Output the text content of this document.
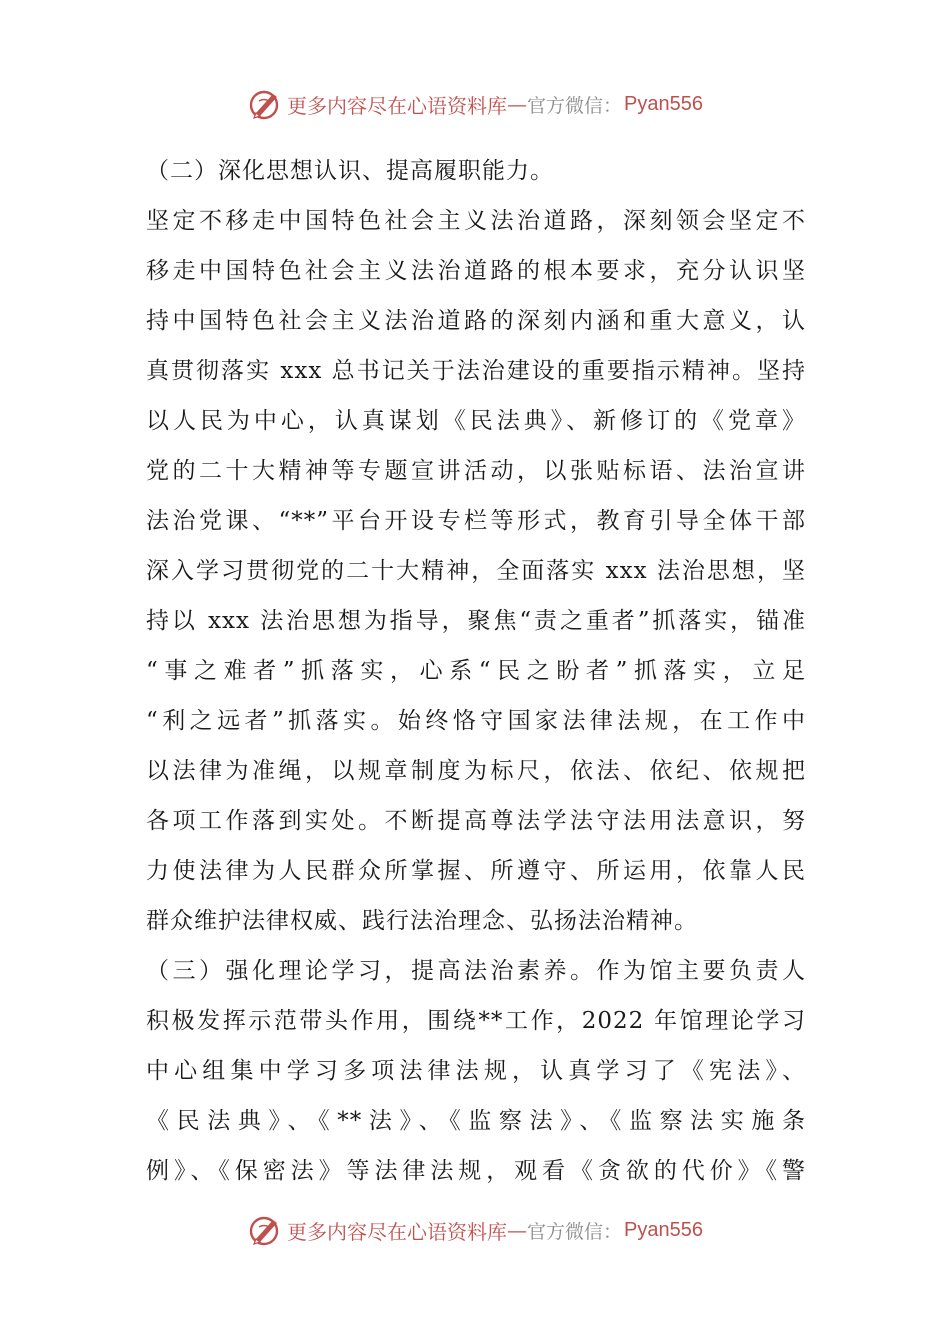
更多内容尽在心语资料库 — 官方微信： Pyan556
（二）深化思想认识、提高履职能力。
坚定不移走中国特色社会主义法治道路，深刻领会坚定不
移走中国特色社会主义法治道路的根本要求，充分认识坚
持中国特色社会主义法治道路的深刻内涵和重大意义，认
真贯彻落实 xxx 总书记关于法治建设的重要指示精神。坚持
以人民为中心，认真谋划《民法典》、新修订的《党章》
党的二十大精神等专题宣讲活动，以张贴标语、法治宣讲
法治党课、“**”平台开设专栏等形式，教育引导全体干部
深入学习贯彻党的二十大精神，全面落实 xxx 法治思想，坚
持以 xxx 法治思想为指导，聚焦“责之重者”抓落实，锚准
“事之难者”抓落实，心系“民之盼者”抓落实，立足
“利之远者”抓落实。始终恪守国家法律法规，在工作中
以法律为准绳，以规章制度为标尺，依法、依纪、依规把
各项工作落到实处。不断提高尊法学法守法用法意识，努
力使法律为人民群众所掌握、所遵守、所运用，依靠人民
群众维护法律权威、践行法治理念、弘扬法治精神。
（三）强化理论学习，提高法治素养。作为馆主要负责人
积极发挥示范带头作用，围绕**工作，2022 年馆理论学习
中心组集中学习多项法律法规，认真学习了《宪法》、
《民法典》、《**法》、《监察法》、《监察法实施条
例》、《保密法》等法律法规，观看《贪欲的代价》《警
更多内容尽在心语资料库 — 官方微信： Pyan556
